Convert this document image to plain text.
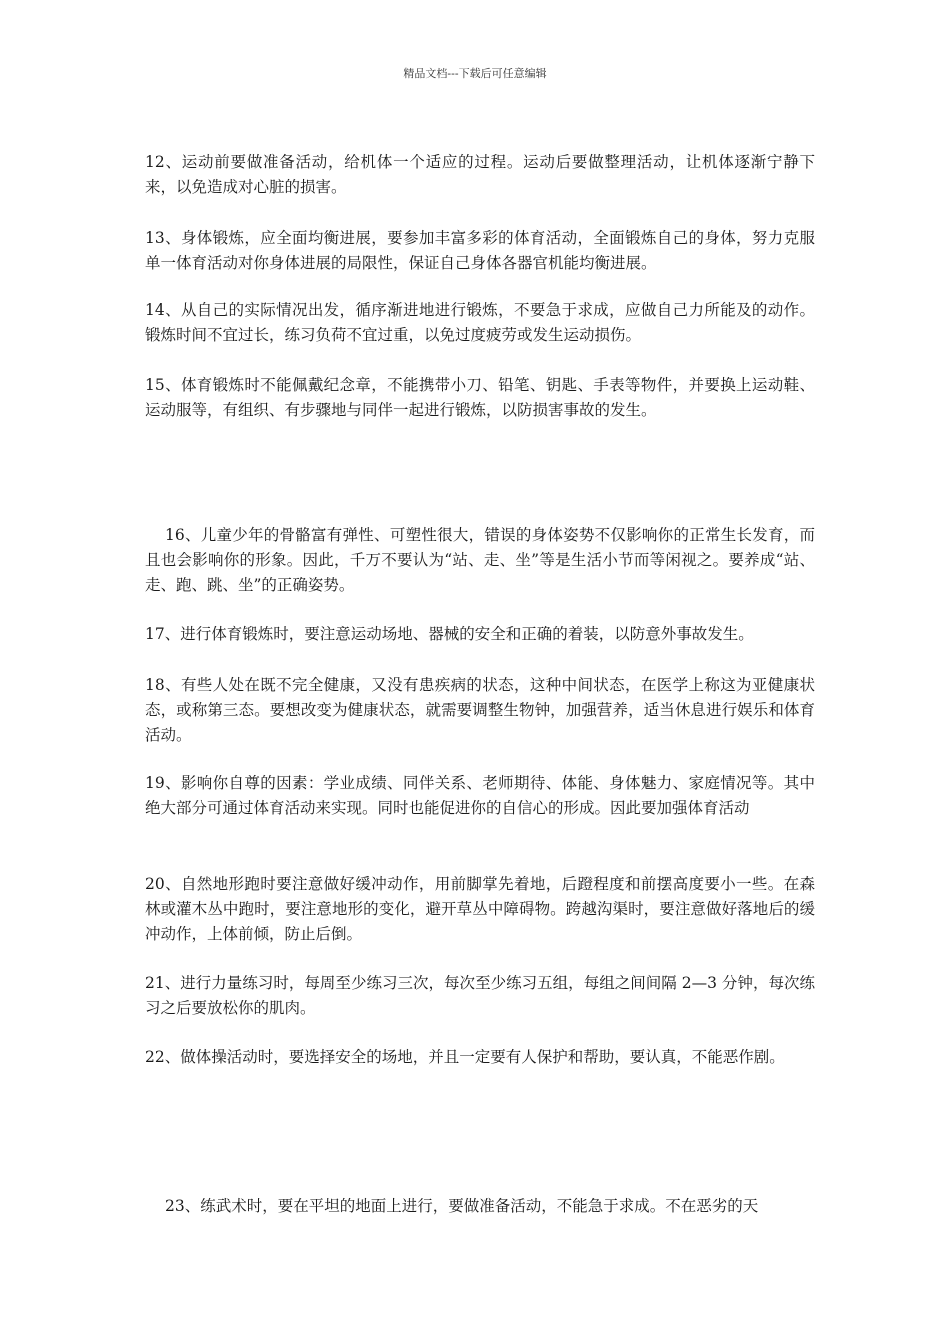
精品文档---下载后可任意编辑

12、运动前要做准备活动，给机体一个适应的过程。运动后要做整理活动，让机体逐渐宁静下来，以免造成对心脏的损害。

13、身体锻炼，应全面均衡进展，要参加丰富多彩的体育活动，全面锻炼自己的身体，努力克服单一体育活动对你身体进展的局限性，保证自己身体各器官机能均衡进展。

14、从自己的实际情况出发，循序渐进地进行锻炼，不要急于求成，应做自己力所能及的动作。锻炼时间不宜过长，练习负荷不宜过重，以免过度疲劳或发生运动损伤。

15、体育锻炼时不能佩戴纪念章，不能携带小刀、铅笔、钥匙、手表等物件，并要换上运动鞋、运动服等，有组织、有步骤地与同伴一起进行锻炼，以防损害事故的发生。

16、儿童少年的骨骼富有弹性、可塑性很大，错误的身体姿势不仅影响你的正常生长发育，而且也会影响你的形象。因此，千万不要认为“站、走、坐”等是生活小节而等闲视之。要养成“站、走、跑、跳、坐”的正确姿势。

17、进行体育锻炼时，要注意运动场地、器械的安全和正确的着装，以防意外事故发生。

18、有些人处在既不完全健康，又没有患疾病的状态，这种中间状态，在医学上称这为亚健康状态，或称第三态。要想改变为健康状态，就需要调整生物钟，加强营养，适当休息进行娱乐和体育活动。

19、影响你自尊的因素：学业成绩、同伴关系、老师期待、体能、身体魅力、家庭情况等。其中绝大部分可通过体育活动来实现。同时也能促进你的自信心的形成。因此要加强体育活动

20、自然地形跑时要注意做好缓冲动作，用前脚掌先着地，后蹬程度和前摆高度要小一些。在森林或灌木丛中跑时，要注意地形的变化，避开草丛中障碍物。跨越沟渠时，要注意做好落地后的缓冲动作，上体前倾，防止后倒。

21、进行力量练习时，每周至少练习三次，每次至少练习五组，每组之间间隔 2—3 分钟，每次练习之后要放松你的肌肉。

22、做体操活动时，要选择安全的场地，并且一定要有人保护和帮助，要认真，不能恶作剧。

23、练武术时，要在平坦的地面上进行，要做准备活动，不能急于求成。不在恶劣的天
